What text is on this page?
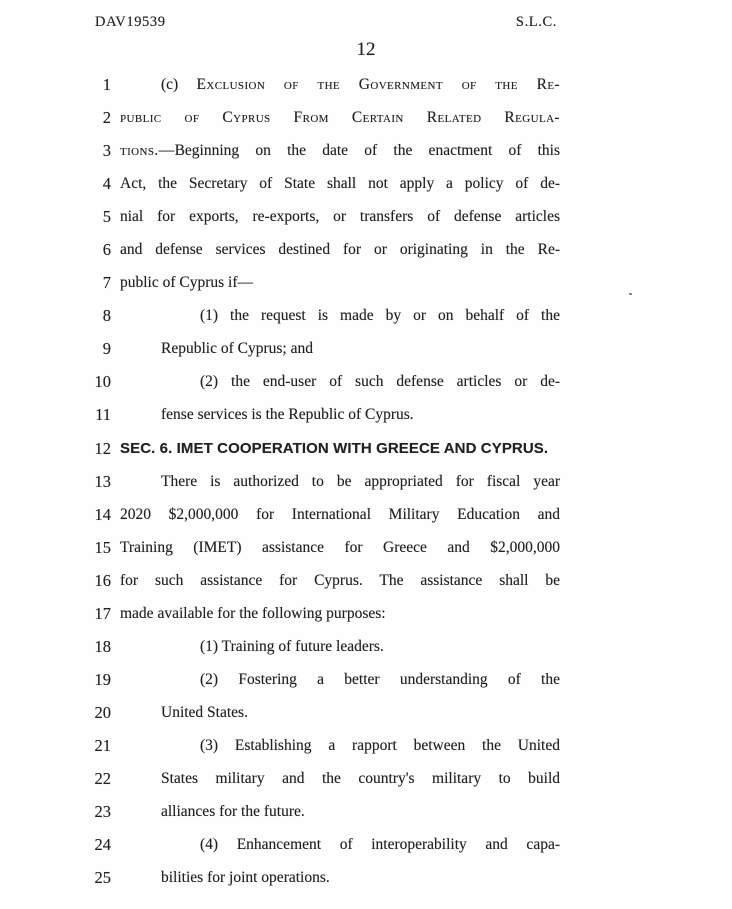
DAV19539	S.L.C.
12
1	(c) Exclusion of the Government of the Re-
2 public of Cyprus From Certain Related Regula-
3 tions.—Beginning on the date of the enactment of this
4 Act, the Secretary of State shall not apply a policy of de-
5 nial for exports, re-exports, or transfers of defense articles
6 and defense services destined for or originating in the Re-
7 public of Cyprus if—
8	(1) the request is made by or on behalf of the
9	Republic of Cyprus; and
10	(2) the end-user of such defense articles or de-
11	fense services is the Republic of Cyprus.
12 SEC. 6. IMET COOPERATION WITH GREECE AND CYPRUS.
13	There is authorized to be appropriated for fiscal year
14 2020 $2,000,000 for International Military Education and
15 Training (IMET) assistance for Greece and $2,000,000
16 for such assistance for Cyprus. The assistance shall be
17 made available for the following purposes:
18	(1) Training of future leaders.
19	(2) Fostering a better understanding of the
20	United States.
21	(3) Establishing a rapport between the United
22	States military and the country's military to build
23	alliances for the future.
24	(4) Enhancement of interoperability and capa-
25	bilities for joint operations.
